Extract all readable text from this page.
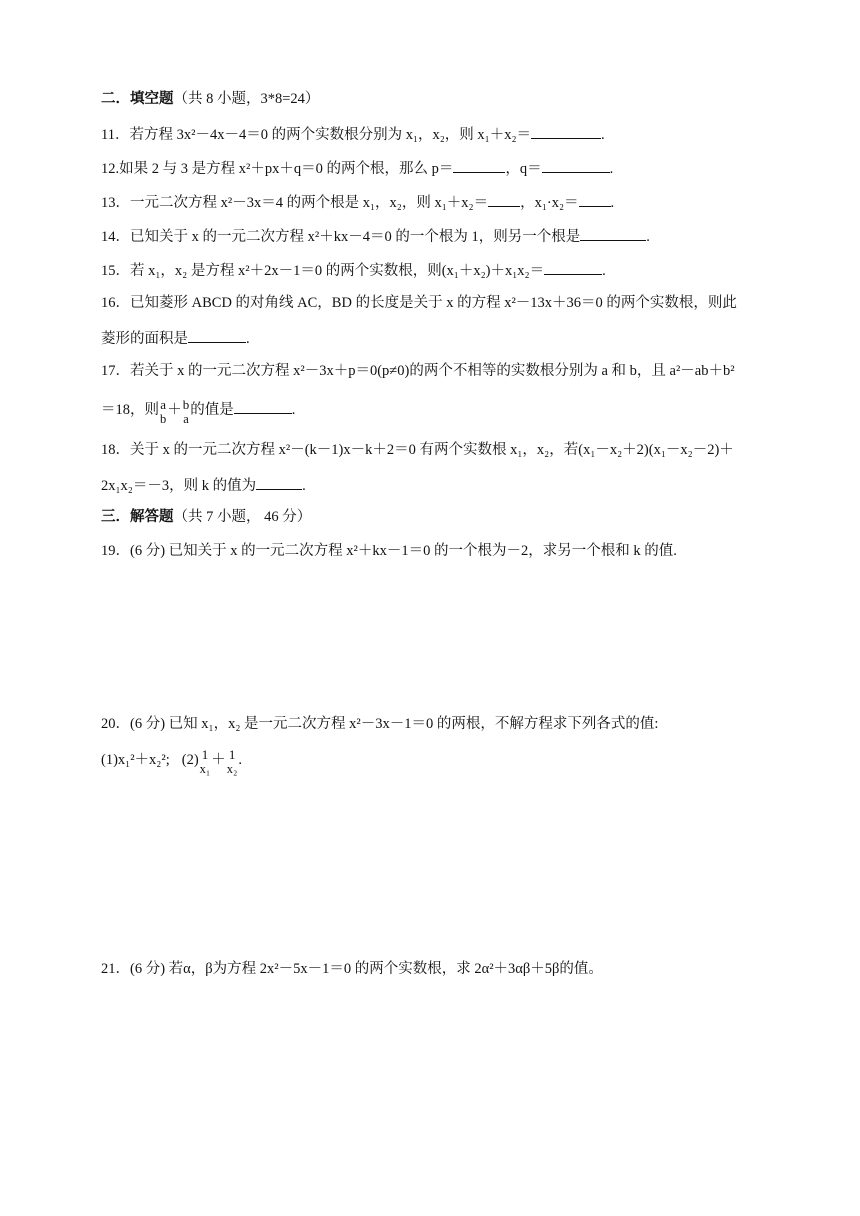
二．填空题（共 8 小题，3*8=24）
11．若方程 3x²－4x－4＝0 的两个实数根分别为 x₁，x₂，则 x₁＋x₂＝	.
12.如果 2 与 3 是方程 x²＋px＋q＝0 的两个根，那么 p＝	，q＝	.
13．一元二次方程 x²－3x＝4 的两个根是 x₁，x₂，则 x₁＋x₂＝ ，x₁·x₂＝ .
14．已知关于 x 的一元二次方程 x²＋kx－4＝0 的一个根为 1，则另一个根是	.
15．若 x₁，x₂ 是方程 x²＋2x－1＝0 的两个实数根，则(x₁＋x₂)＋x₁x₂＝	.
16．已知菱形 ABCD 的对角线 AC，BD 的长度是关于 x 的方程 x²－13x＋36＝0 的两个实数根，则此
菱形的面积是	.
17．若关于 x 的一元二次方程 x²－3x＋p＝0(p≠0)的两个不相等的实数根分别为 a 和 b，且 a²－ab＋b²
＝18，则 a
b
＋ b
a
的值是	.
18．关于 x 的一元二次方程 x²－(k－1)x－k＋2＝0 有两个实数根 x₁，x₂，若(x₁－x₂＋2)(x₁－x₂－2)＋
2x₁x₂＝－3，则 k 的值为	.
三．解答题（共 7 小题， 46 分）
19．(6 分) 已知关于 x 的一元二次方程 x²＋kx－1＝0 的一个根为－2，求另一个根和 k 的值.
20．(6 分) 已知 x₁，x₂ 是一元二次方程 x²－3x－1＝0 的两根，不解方程求下列各式的值:
(1)x₁²＋x₂²; (2) 1
x₁
＋ 1
x₂
.
21．(6 分) 若α，β为方程 2x²－5x－1＝0 的两个实数根，求 2α²＋3αβ＋5β的值。
